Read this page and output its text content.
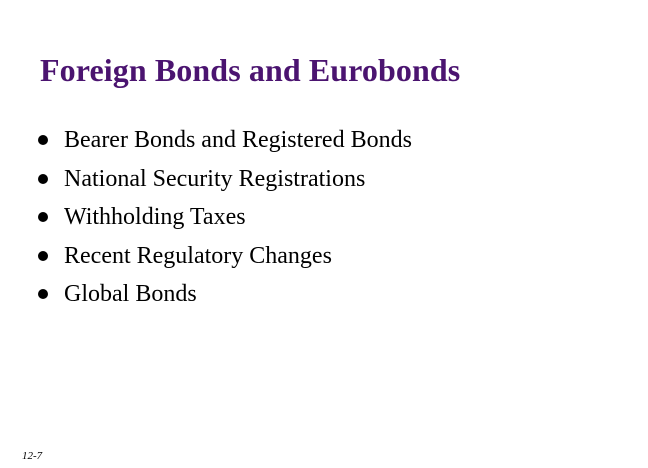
Foreign Bonds and Eurobonds
Bearer Bonds and Registered Bonds
National Security Registrations
Withholding Taxes
Recent Regulatory Changes
Global Bonds
12-7
